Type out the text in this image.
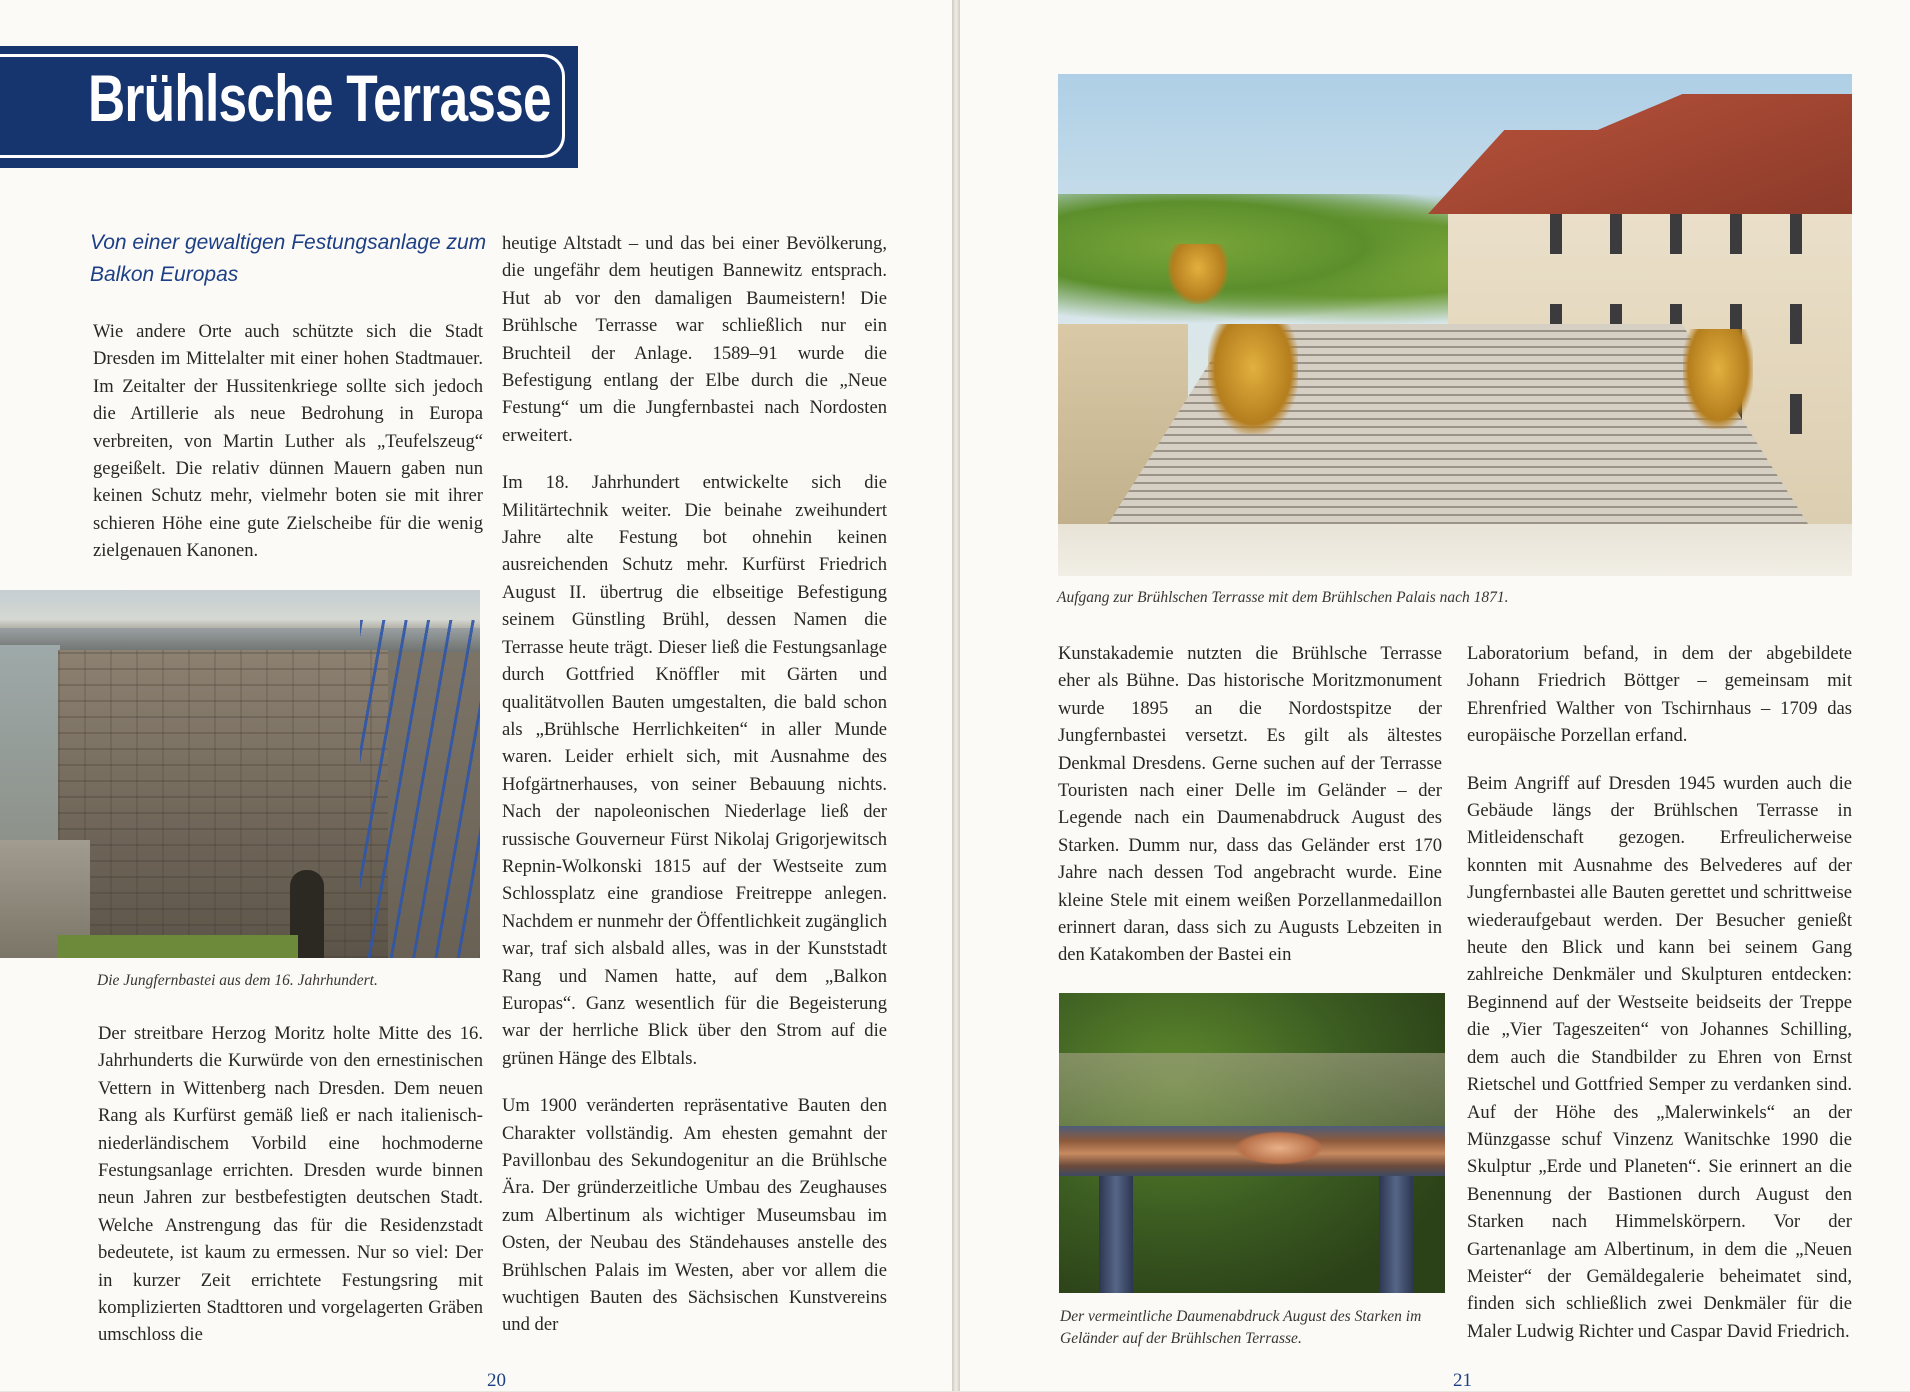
Brühlsche Terrasse
Von einer gewaltigen Festungsanlage zum Balkon Europas

Wie andere Orte auch schützte sich die Stadt Dresden im Mittelalter mit einer hohen Stadtmauer. Im Zeitalter der Hussitenkriege sollte sich jedoch die Artillerie als neue Bedrohung in Europa verbreiten, von Martin Luther als „Teufelszeug“ gegeißelt. Die relativ dünnen Mauern gaben nun keinen Schutz mehr, vielmehr boten sie mit ihrer schieren Höhe eine gute Zielscheibe für die wenig zielgenauen Kanonen.

Die Jungfernbastei aus dem 16. Jahrhundert.

Der streitbare Herzog Moritz holte Mitte des 16. Jahrhunderts die Kurwürde von den ernestinischen Vettern in Wittenberg nach Dresden. Dem neuen Rang als Kurfürst gemäß ließ er nach italienisch-niederländischem Vorbild eine hochmoderne Festungsanlage errichten. Dresden wurde binnen neun Jahren zur bestbefestigten deutschen Stadt. Welche Anstrengung das für die Residenzstadt bedeutete, ist kaum zu ermessen. Nur so viel: Der in kurzer Zeit errichtete Festungsring mit komplizierten Stadttoren und vorgelagerten Gräben umschloss die

heutige Altstadt – und das bei einer Bevölkerung, die ungefähr dem heutigen Bannewitz entsprach. Hut ab vor den damaligen Baumeistern! Die Brühlsche Terrasse war schließlich nur ein Bruchteil der Anlage. 1589–91 wurde die Befestigung entlang der Elbe durch die „Neue Festung“ um die Jungfernbastei nach Nordosten erweitert.

Im 18. Jahrhundert entwickelte sich die Militärtechnik weiter. Die beinahe zweihundert Jahre alte Festung bot ohnehin keinen ausreichenden Schutz mehr. Kurfürst Friedrich August II. übertrug die elbseitige Befestigung seinem Günstling Brühl, dessen Namen die Terrasse heute trägt. Dieser ließ die Festungsanlage durch Gottfried Knöffler mit Gärten und qualitätvollen Bauten umgestalten, die bald schon als „Brühlsche Herrlichkeiten“ in aller Munde waren. Leider erhielt sich, mit Ausnahme des Hofgärtnerhauses, von seiner Bebauung nichts. Nach der napoleonischen Niederlage ließ der russische Gouverneur Fürst Nikolaj Grigorjewitsch Repnin-Wolkonski 1815 auf der Westseite zum Schlossplatz eine grandiose Freitreppe anlegen. Nachdem er nunmehr der Öffentlichkeit zugänglich war, traf sich alsbald alles, was in der Kunststadt Rang und Namen hatte, auf dem „Balkon Europas“. Ganz wesentlich für die Begeisterung war der herrliche Blick über den Strom auf die grünen Hänge des Elbtals.

Um 1900 veränderten repräsentative Bauten den Charakter vollständig. Am ehesten gemahnt der Pavillonbau des Sekundogenitur an die Brühlsche Ära. Der gründerzeitliche Umbau des Zeughauses zum Albertinum als wichtiger Museumsbau im Osten, der Neubau des Ständehauses anstelle des Brühlschen Palais im Westen, aber vor allem die wuchtigen Bauten des Sächsischen Kunstvereins und der

20
Aufgang zur Brühlschen Terrasse mit dem Brühlschen Palais nach 1871.

Kunstakademie nutzten die Brühlsche Terrasse eher als Bühne. Das historische Moritzmonument wurde 1895 an die Nordostspitze der Jungfernbastei versetzt. Es gilt als ältestes Denkmal Dresdens. Gerne suchen auf der Terrasse Touristen nach einer Delle im Geländer – der Legende nach ein Daumenabdruck August des Starken. Dumm nur, dass das Geländer erst 170 Jahre nach dessen Tod angebracht wurde. Eine kleine Stele mit einem weißen Porzellanmedaillon erinnert daran, dass sich zu Augusts Lebzeiten in den Katakomben der Bastei ein

Der vermeintliche Daumenabdruck August des Starken im Geländer auf der Brühlschen Terrasse.

Laboratorium befand, in dem der abgebildete Johann Friedrich Böttger – gemeinsam mit Ehrenfried Walther von Tschirnhaus – 1709 das europäische Porzellan erfand.

Beim Angriff auf Dresden 1945 wurden auch die Gebäude längs der Brühlschen Terrasse in Mitleidenschaft gezogen. Erfreulicherweise konnten mit Ausnahme des Belvederes auf der Jungfernbastei alle Bauten gerettet und schrittweise wiederaufgebaut werden. Der Besucher genießt heute den Blick und kann bei seinem Gang zahlreiche Denkmäler und Skulpturen entdecken: Beginnend auf der Westseite beidseits der Treppe die „Vier Tageszeiten“ von Johannes Schilling, dem auch die Standbilder zu Ehren von Ernst Rietschel und Gottfried Semper zu verdanken sind. Auf der Höhe des „Malerwinkels“ an der Münzgasse schuf Vinzenz Wanitschke 1990 die Skulptur „Erde und Planeten“. Sie erinnert an die Benennung der Bastionen durch August den Starken nach Himmelskörpern. Vor der Gartenanlage am Albertinum, in dem die „Neuen Meister“ der Gemäldegalerie beheimatet sind, finden sich schließlich zwei Denkmäler für die Maler Ludwig Richter und Caspar David Friedrich.

21
